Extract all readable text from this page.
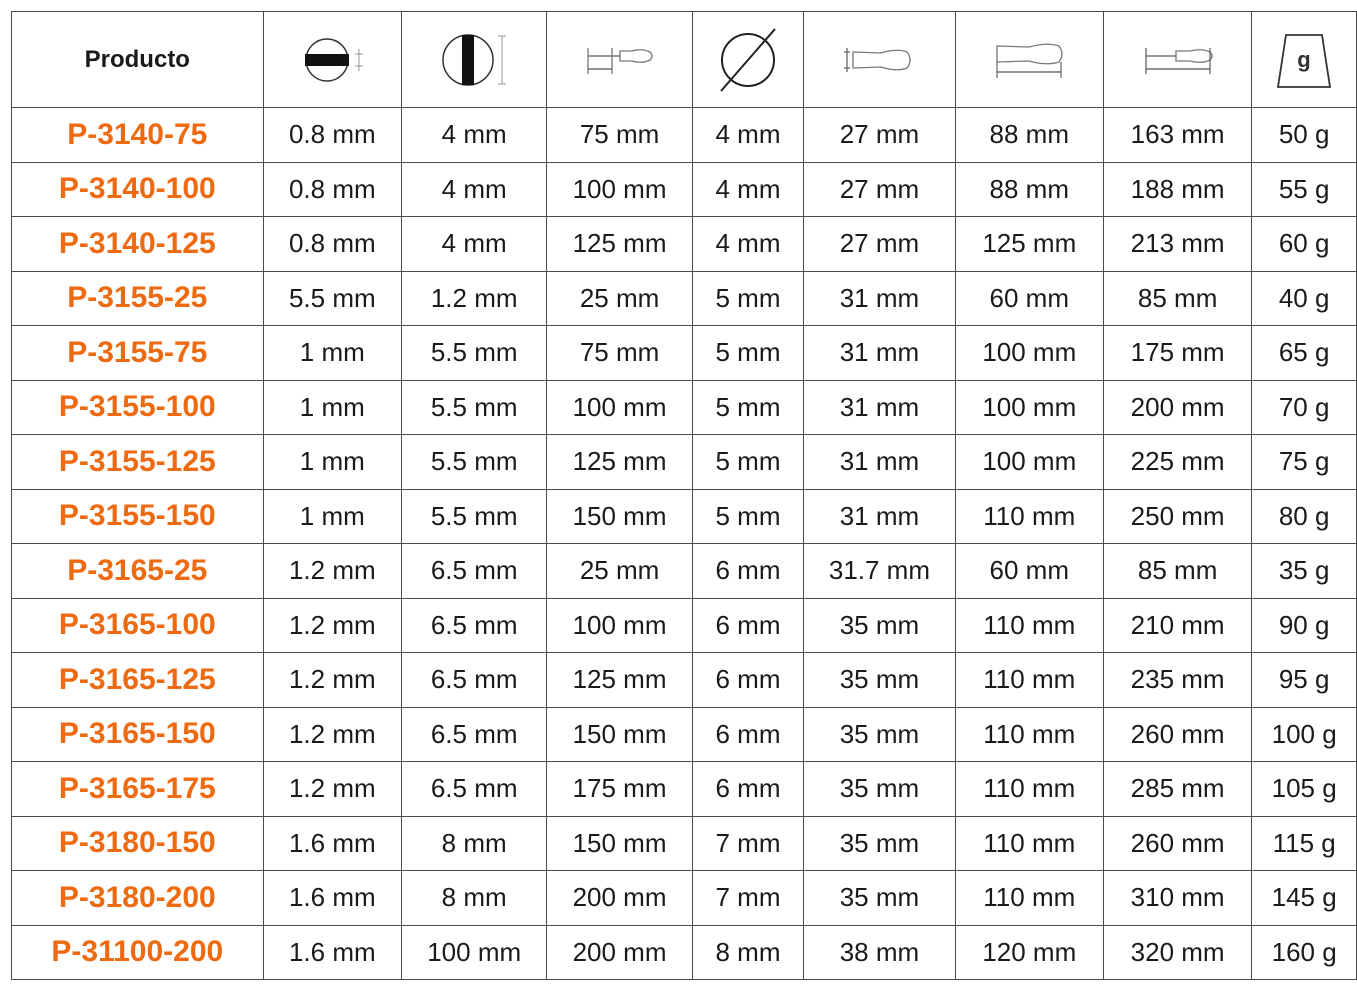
Producto								g

P-3140-75	0.8 mm	4 mm	75 mm	4 mm	27 mm	88 mm	163 mm	50 g
P-3140-100	0.8 mm	4 mm	100 mm	4 mm	27 mm	88 mm	188 mm	55 g
P-3140-125	0.8 mm	4 mm	125 mm	4 mm	27 mm	125 mm	213 mm	60 g
P-3155-25	5.5 mm	1.2 mm	25 mm	5 mm	31 mm	60 mm	85 mm	40 g
P-3155-75	1 mm	5.5 mm	75 mm	5 mm	31 mm	100 mm	175 mm	65 g
P-3155-100	1 mm	5.5 mm	100 mm	5 mm	31 mm	100 mm	200 mm	70 g
P-3155-125	1 mm	5.5 mm	125 mm	5 mm	31 mm	100 mm	225 mm	75 g
P-3155-150	1 mm	5.5 mm	150 mm	5 mm	31 mm	110 mm	250 mm	80 g
P-3165-25	1.2 mm	6.5 mm	25 mm	6 mm	31.7 mm	60 mm	85 mm	35 g
P-3165-100	1.2 mm	6.5 mm	100 mm	6 mm	35 mm	110 mm	210 mm	90 g
P-3165-125	1.2 mm	6.5 mm	125 mm	6 mm	35 mm	110 mm	235 mm	95 g
P-3165-150	1.2 mm	6.5 mm	150 mm	6 mm	35 mm	110 mm	260 mm	100 g
P-3165-175	1.2 mm	6.5 mm	175 mm	6 mm	35 mm	110 mm	285 mm	105 g
P-3180-150	1.6 mm	8 mm	150 mm	7 mm	35 mm	110 mm	260 mm	115 g
P-3180-200	1.6 mm	8 mm	200 mm	7 mm	35 mm	110 mm	310 mm	145 g
P-31100-200	1.6 mm	100 mm	200 mm	8 mm	38 mm	120 mm	320 mm	160 g
